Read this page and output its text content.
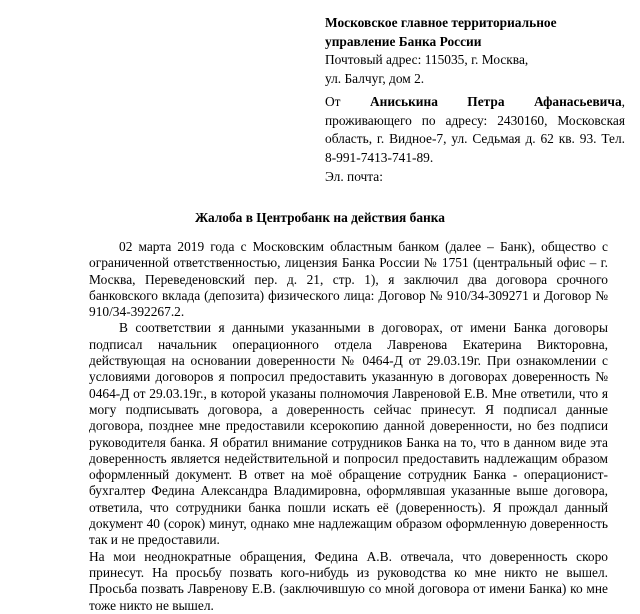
Московское главное территориальное
управление Банка России
Почтовый адрес: 115035, г. Москва,
ул. Балчуг, дом 2.
От Аниськина Петра Афанасьевича, проживающего по адресу: 2430160, Московская область, г. Видное-7, ул. Седьмая д. 62 кв. 93. Тел. 8-991-7413-741-89.
Эл. почта:
Жалоба в Центробанк на действия банка

02 марта 2019 года с Московским областным банком (далее – Банк), общество с ограниченной ответственностью, лицензия Банка России № 1751 (центральный офис – г. Москва, Переведеновский пер. д. 21, стр. 1), я заключил два договора срочного банковского вклада (депозита) физического лица: Договор № 910/34-309271 и Договор № 910/34-392267.2.

В соответствии я данными указанными в договорах, от имени Банка договоры подписал начальник операционного отдела Лавренова Екатерина Викторовна, действующая на основании доверенности № 0464-Д от 29.03.19г. При ознакомлении с условиями договоров я попросил предоставить указанную в договорах доверенность № 0464-Д от 29.03.19г., в которой указаны полномочия Лавреновой Е.В. Мне ответили, что я могу подписывать договора, а доверенность сейчас принесут. Я подписал данные договора, позднее мне предоставили ксерокопию данной доверенности, но без подписи руководителя банка. Я обратил внимание сотрудников Банка на то, что в данном виде эта доверенность является недействительной и попросил предоставить надлежащим образом оформленный документ. В ответ на моё обращение сотрудник Банка - операционист-бухгалтер Федина Александра Владимировна, оформлявшая указанные выше договора, ответила, что сотрудники банка пошли искать её (доверенность). Я прождал данный документ 40 (сорок) минут, однако мне надлежащим образом оформленную доверенность так и не предоставили.

На мои неоднократные обращения, Федина А.В. отвечала, что доверенность скоро принесут. На просьбу позвать кого-нибудь из руководства ко мне никто не вышел. Просьба позвать Лавренову Е.В. (заключившую со мной договора от имени Банка) ко мне тоже никто не вышел.
